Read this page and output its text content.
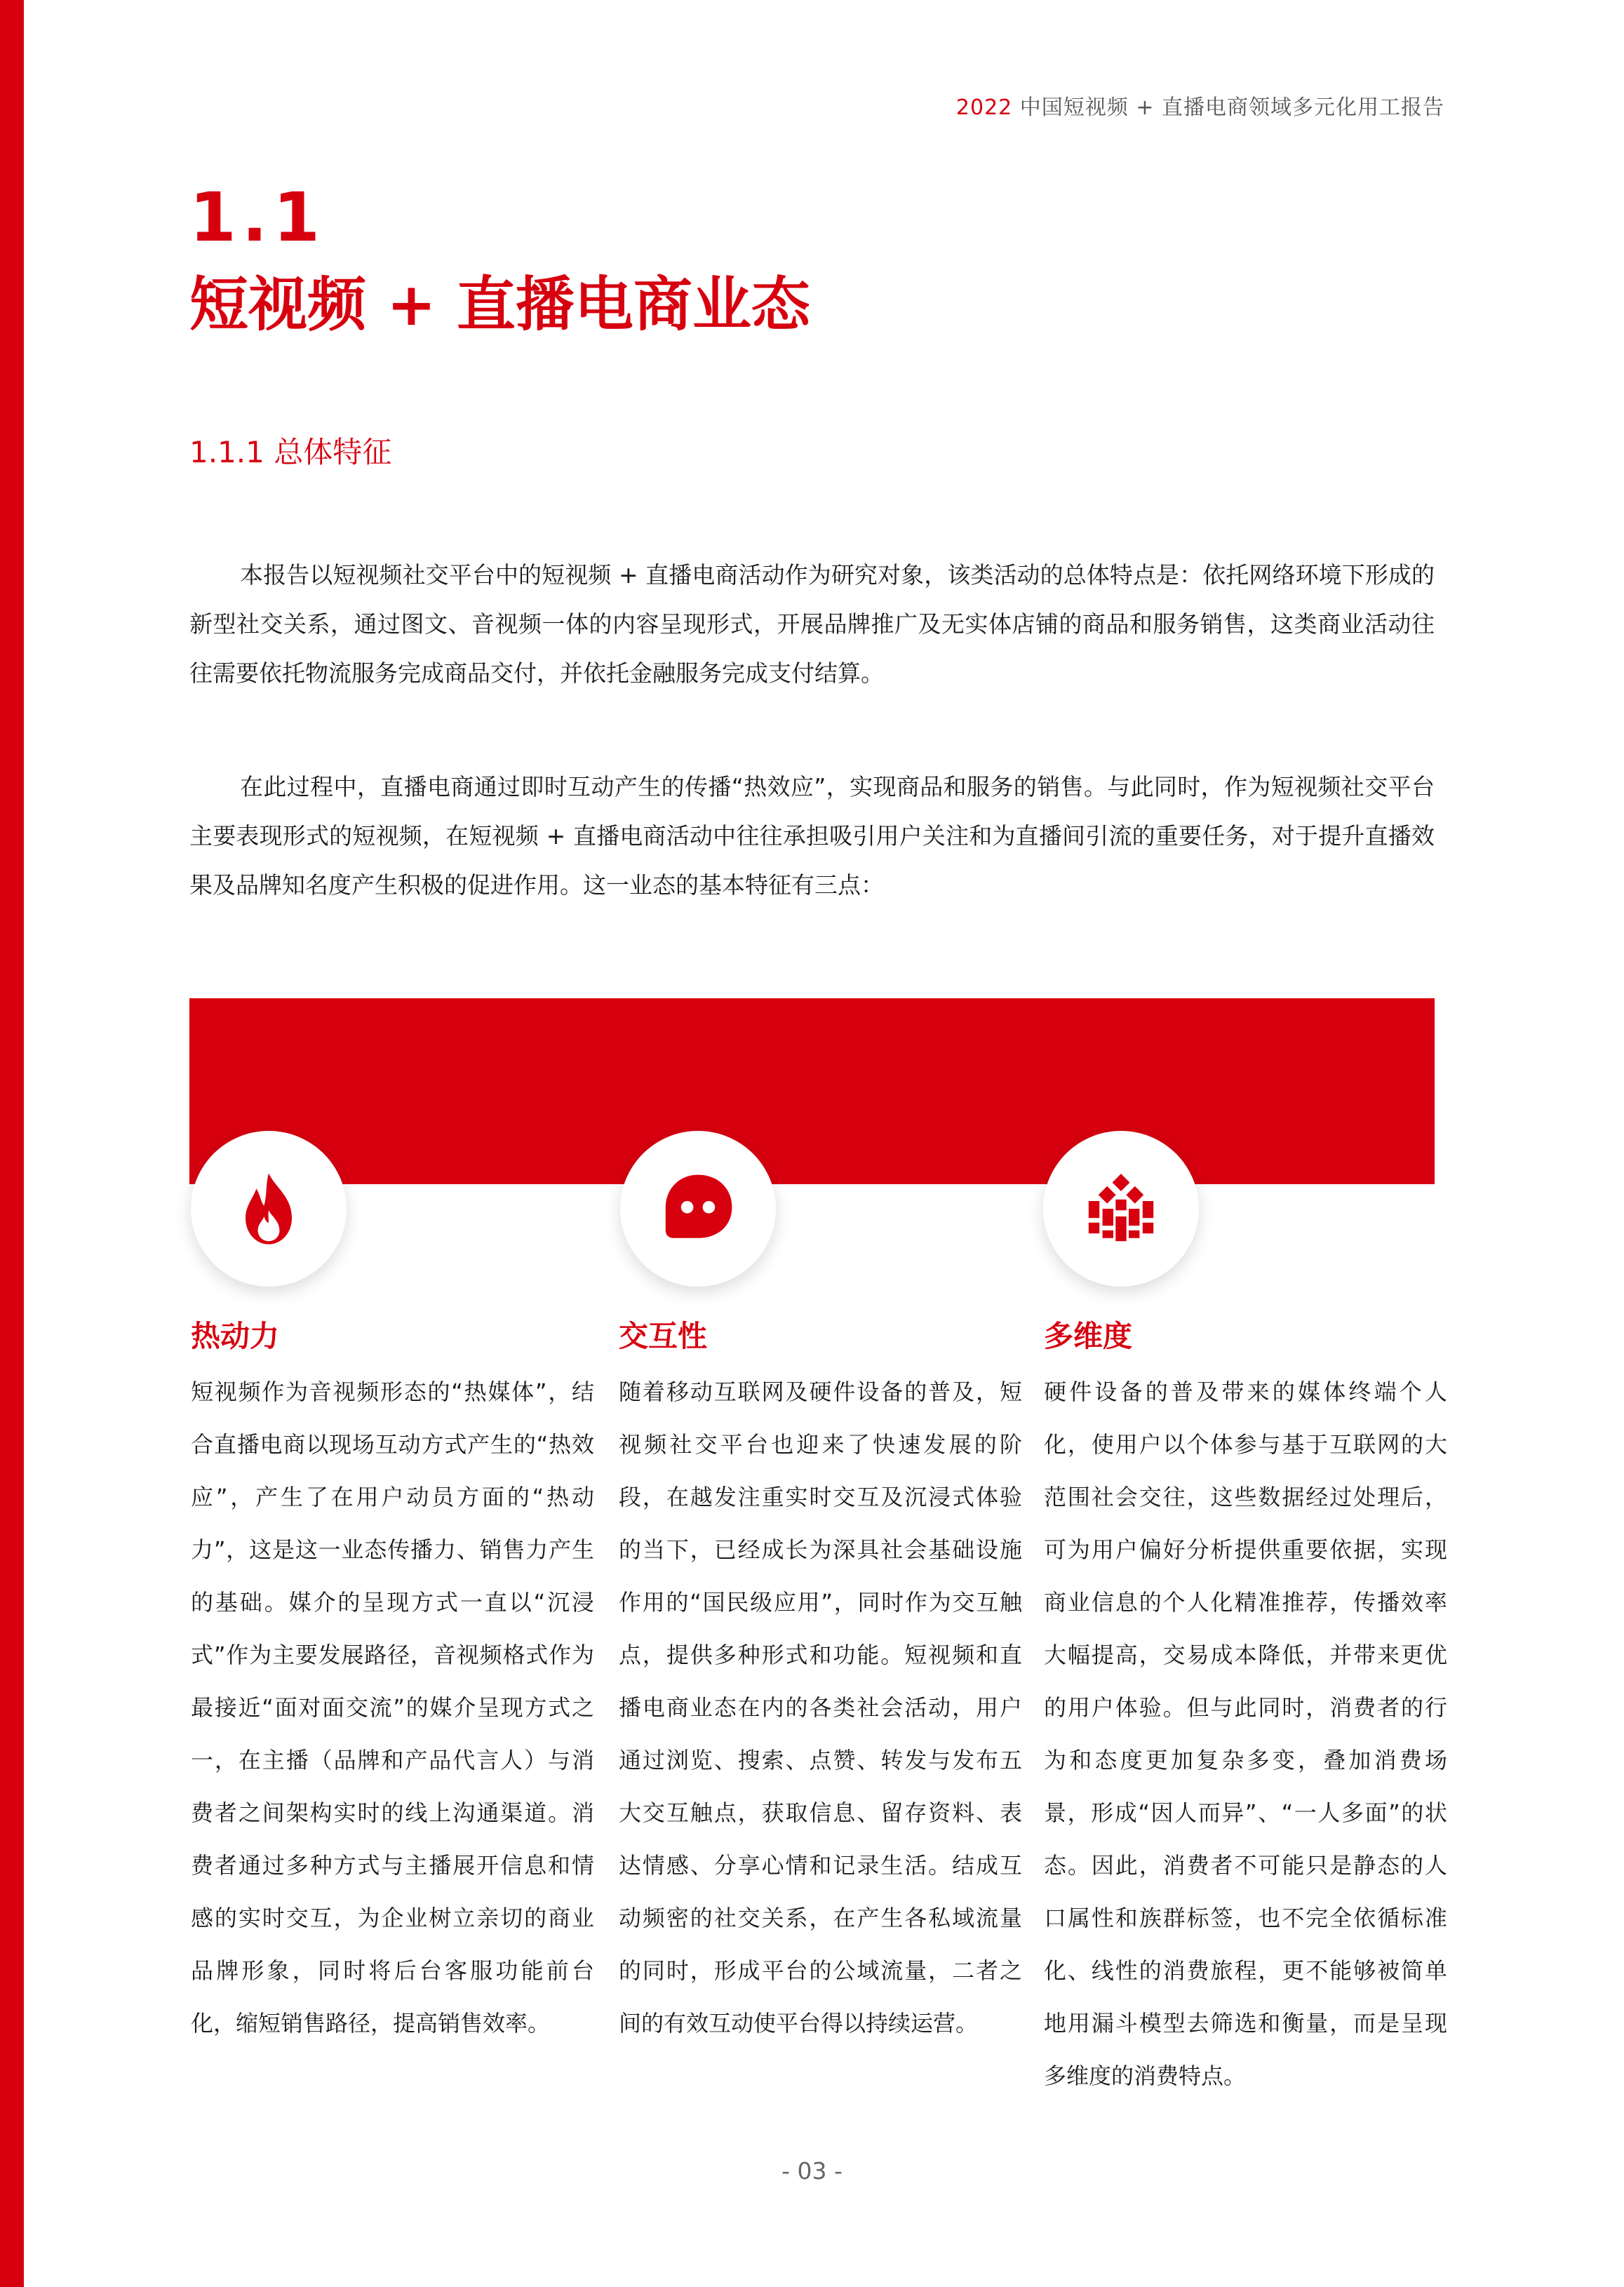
2022 中国短视频 + 直播电商领域多元化用工报告
1.1
短视频 + 直播电商业态
1.1.1 总体特征

本报告以短视频社交平台中的短视频 + 直播电商活动作为研究对象，该类活动的总体特点是：依托网络环境下形成的新型社交关系，通过图文、音视频一体的内容呈现形式，开展品牌推广及无实体店铺的商品和服务销售，这类商业活动往往需要依托物流服务完成商品交付，并依托金融服务完成支付结算。

在此过程中，直播电商通过即时互动产生的传播“热效应”，实现商品和服务的销售。与此同时，作为短视频社交平台主要表现形式的短视频，在短视频 + 直播电商活动中往往承担吸引用户关注和为直播间引流的重要任务，对于提升直播效果及品牌知名度产生积极的促进作用。这一业态的基本特征有三点：

热动力

短视频作为音视频形态的“热媒体”，结合直播电商以现场互动方式产生的“热效应”，产生了在用户动员方面的“热动力”，这是这一业态传播力、销售力产生的基础。媒介的呈现方式一直以“沉浸式”作为主要发展路径，音视频格式作为最接近“面对面交流”的媒介呈现方式之一，在主播（品牌和产品代言人）与消费者之间架构实时的线上沟通渠道。消费者通过多种方式与主播展开信息和情感的实时交互，为企业树立亲切的商业品牌形象，同时将后台客服功能前台化，缩短销售路径，提高销售效率。

交互性

随着移动互联网及硬件设备的普及，短视频社交平台也迎来了快速发展的阶段，在越发注重实时交互及沉浸式体验的当下，已经成长为深具社会基础设施作用的“国民级应用”，同时作为交互触点，提供多种形式和功能。短视频和直播电商业态在内的各类社会活动，用户通过浏览、搜索、点赞、转发与发布五大交互触点，获取信息、留存资料、表达情感、分享心情和记录生活。结成互动频密的社交关系，在产生各私域流量的同时，形成平台的公域流量，二者之间的有效互动使平台得以持续运营。

多维度

硬件设备的普及带来的媒体终端个人化，使用户以个体参与基于互联网的大范围社会交往，这些数据经过处理后，可为用户偏好分析提供重要依据，实现商业信息的个人化精准推荐，传播效率大幅提高，交易成本降低，并带来更优的用户体验。但与此同时，消费者的行为和态度更加复杂多变，叠加消费场景，形成“因人而异”、“一人多面”的状态。因此，消费者不可能只是静态的人口属性和族群标签，也不完全依循标准化、线性的消费旅程，更不能够被简单地用漏斗模型去筛选和衡量，而是呈现多维度的消费特点。

- 03 -
